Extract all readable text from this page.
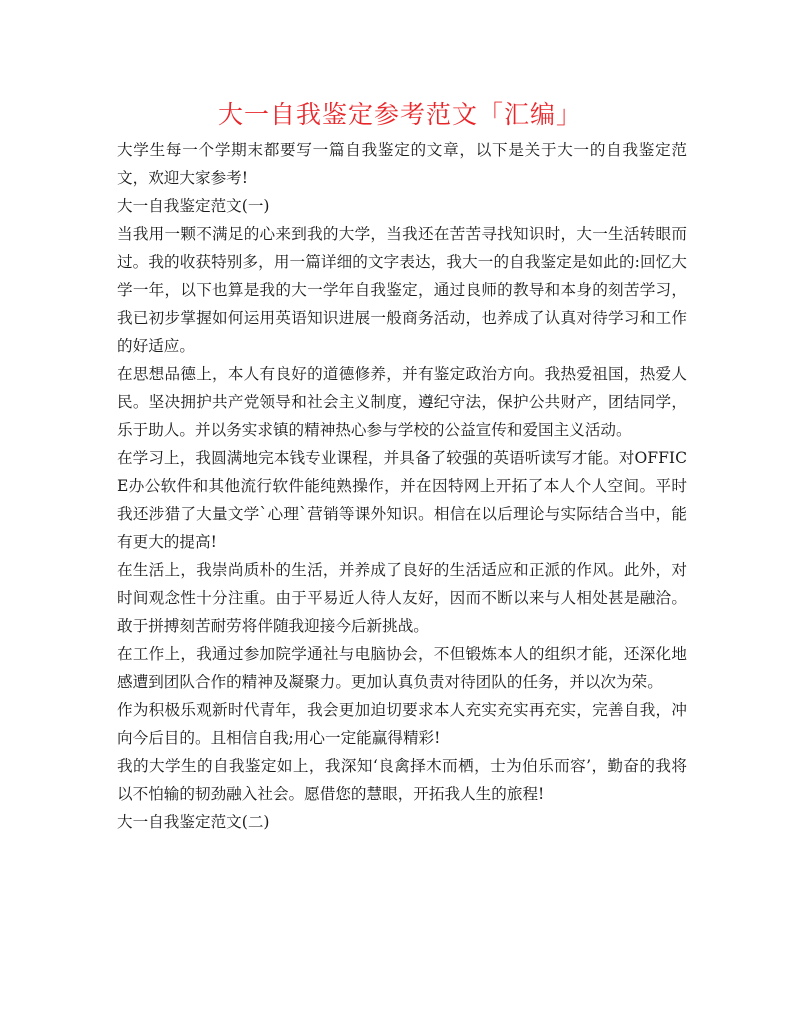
大一自我鉴定参考范文「汇编」

大学生每一个学期末都要写一篇自我鉴定的文章，以下是关于大一的自我鉴定范文，欢迎大家参考!

大一自我鉴定范文(一)

当我用一颗不满足的心来到我的大学，当我还在苦苦寻找知识时，大一生活转眼而过。我的收获特别多，用一篇详细的文字表达，我大一的自我鉴定是如此的:回忆大学一年，以下也算是我的大一学年自我鉴定，通过良师的教导和本身的刻苦学习，我已初步掌握如何运用英语知识进展一般商务活动，也养成了认真对待学习和工作的好适应。

在思想品德上，本人有良好的道德修养，并有鉴定政治方向。我热爱祖国，热爱人民。坚决拥护共产党领导和社会主义制度，遵纪守法，保护公共财产，团结同学，乐于助人。并以务实求镇的精神热心参与学校的公益宣传和爱国主义活动。

在学习上，我圆满地完本钱专业课程，并具备了较强的英语听读写才能。对OFFICE办公软件和其他流行软件能纯熟操作，并在因特网上开拓了本人个人空间。平时我还涉猎了大量文学`心理`营销等课外知识。相信在以后理论与实际结合当中，能有更大的提高!

在生活上，我崇尚质朴的生活，并养成了良好的生活适应和正派的作风。此外，对时间观念性十分注重。由于平易近人待人友好，因而不断以来与人相处甚是融洽。敢于拼搏刻苦耐劳将伴随我迎接今后新挑战。

在工作上，我通过参加院学通社与电脑协会，不但锻炼本人的组织才能，还深化地感遭到团队合作的精神及凝聚力。更加认真负责对待团队的任务，并以次为荣。

作为积极乐观新时代青年，我会更加迫切要求本人充实充实再充实，完善自我，冲向今后目的。且相信自我;用心一定能赢得精彩!

我的大学生的自我鉴定如上，我深知‘良禽择木而栖，士为伯乐而容’，勤奋的我将以不怕输的韧劲融入社会。愿借您的慧眼，开拓我人生的旅程!

大一自我鉴定范文(二)
